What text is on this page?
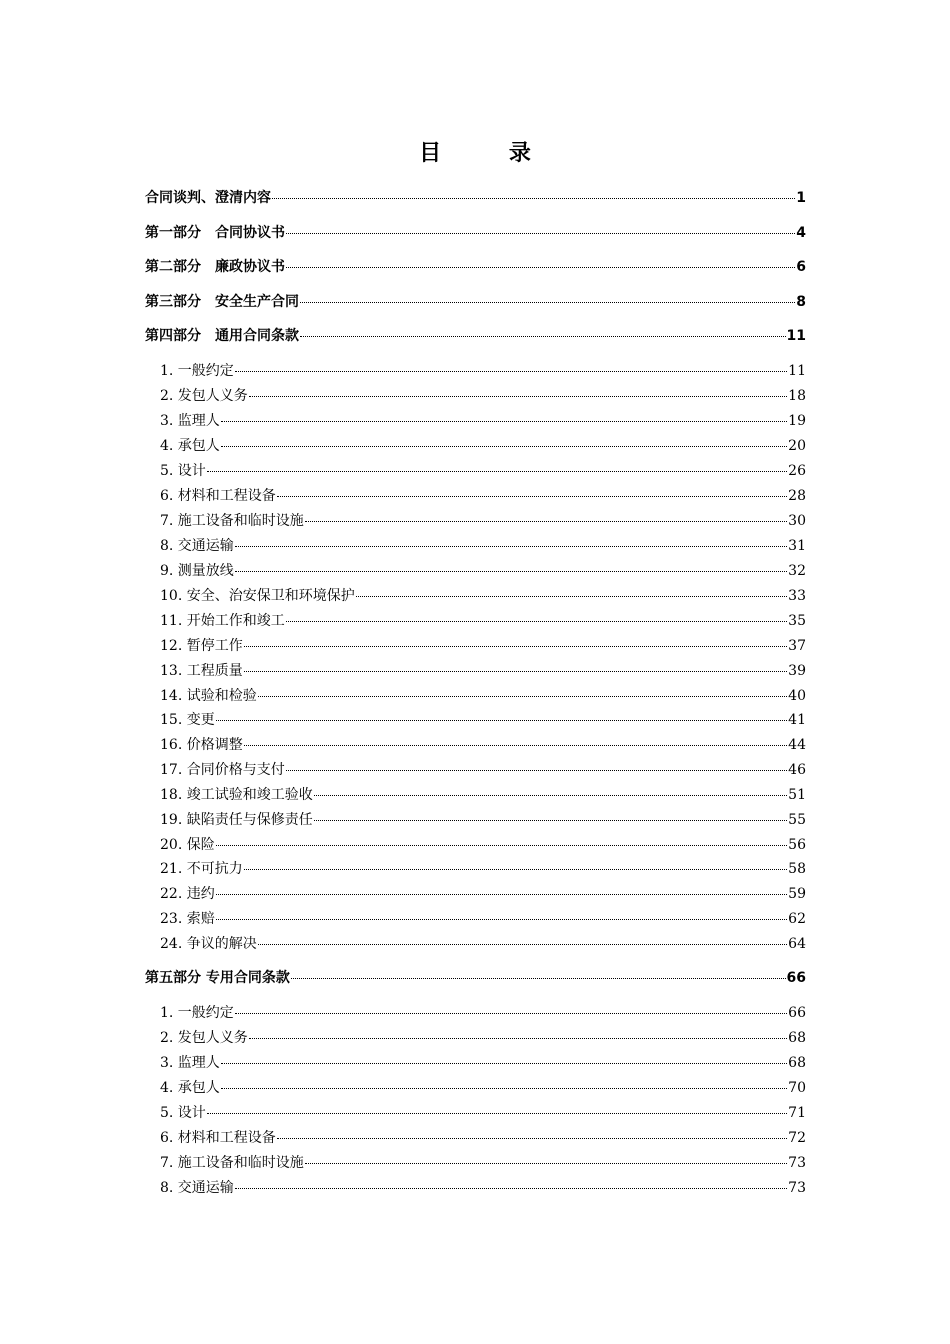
目 录
合同谈判、澄清内容	1
第一部分　合同协议书	4
第二部分　廉政协议书	6
第三部分　安全生产合同	8
第四部分　通用合同条款	11
1. 一般约定	11
2. 发包人义务	18
3. 监理人	19
4. 承包人	20
5. 设计	26
6. 材料和工程设备	28
7. 施工设备和临时设施	30
8. 交通运输	31
9. 测量放线	32
10. 安全、治安保卫和环境保护	33
11. 开始工作和竣工	35
12. 暂停工作	37
13. 工程质量	39
14. 试验和检验	40
15. 变更	41
16. 价格调整	44
17. 合同价格与支付	46
18. 竣工试验和竣工验收	51
19. 缺陷责任与保修责任	55
20. 保险	56
21. 不可抗力	58
22. 违约	59
23. 索赔	62
24. 争议的解决	64
第五部分 专用合同条款	66
1. 一般约定	66
2. 发包人义务	68
3. 监理人	68
4. 承包人	70
5. 设计	71
6. 材料和工程设备	72
7. 施工设备和临时设施	73
8. 交通运输	73
